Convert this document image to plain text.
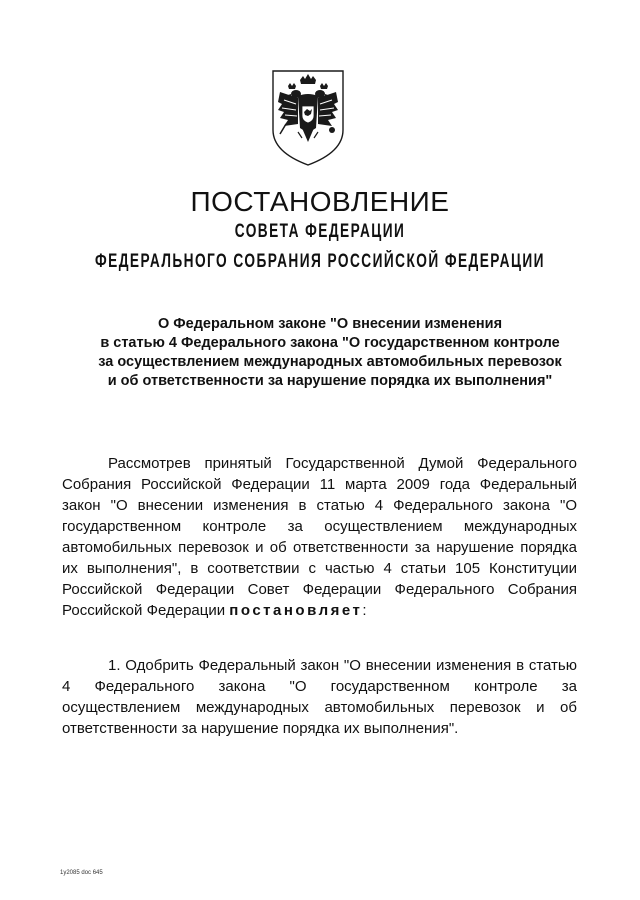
ПОСТАНОВЛЕНИЕ
СОВЕТА ФЕДЕРАЦИИ
ФЕДЕРАЛЬНОГО СОБРАНИЯ РОССИЙСКОЙ ФЕДЕРАЦИИ
О Федеральном законе "О внесении изменения
в статью 4 Федерального закона "О государственном контроле
за осуществлением международных автомобильных перевозок
и об ответственности за нарушение порядка их выполнения"

Рассмотрев принятый Государственной Думой Федерального Собрания Российской Федерации 11 марта 2009 года Федеральный закон "О внесении изменения в статью 4 Федерального закона "О государственном контроле за осуществлением международных автомобильных перевозок и об ответственности за нарушение порядка их выполнения", в соответствии с частью 4 статьи 105 Конституции Российской Федерации Совет Федерации Федерального Собрания Российской Федерации постановляет:

1. Одобрить Федеральный закон "О внесении изменения в статью 4 Федерального закона "О государственном контроле за осуществлением международных автомобильных перевозок и об ответственности за нарушение порядка их выполнения".

1y2085 doc 645
